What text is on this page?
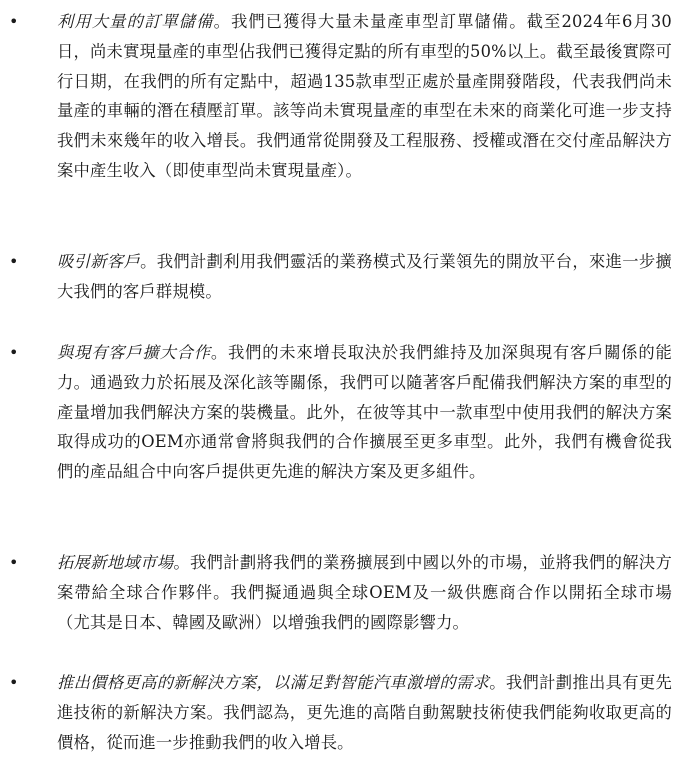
• 利用大量的訂單儲備。我們已獲得大量未量產車型訂單儲備。截至2024年6月30日，尚未實現量產的車型佔我們已獲得定點的所有車型的50%以上。截至最後實際可行日期，在我們的所有定點中，超過135款車型正處於量產開發階段，代表我們尚未量產的車輛的潛在積壓訂單。該等尚未實現量產的車型在未來的商業化可進一步支持我們未來幾年的收入增長。我們通常從開發及工程服務、授權或潛在交付產品解決方案中產生收入（即使車型尚未實現量產）。
• 吸引新客戶。我們計劃利用我們靈活的業務模式及行業領先的開放平台，來進一步擴大我們的客戶群規模。
• 與現有客戶擴大合作。我們的未來增長取決於我們維持及加深與現有客戶關係的能力。通過致力於拓展及深化該等關係，我們可以隨著客戶配備我們解決方案的車型的產量增加我們解決方案的裝機量。此外，在彼等其中一款車型中使用我們的解決方案取得成功的OEM亦通常會將與我們的合作擴展至更多車型。此外，我們有機會從我們的產品組合中向客戶提供更先進的解決方案及更多組件。
• 拓展新地域市場。我們計劃將我們的業務擴展到中國以外的市場，並將我們的解決方案帶給全球合作夥伴。我們擬通過與全球OEM及一級供應商合作以開拓全球市場（尤其是日本、韓國及歐洲）以增強我們的國際影響力。
• 推出價格更高的新解決方案，以滿足對智能汽車激增的需求。我們計劃推出具有更先進技術的新解決方案。我們認為，更先進的高階自動駕駛技術使我們能夠收取更高的價格，從而進一步推動我們的收入增長。
